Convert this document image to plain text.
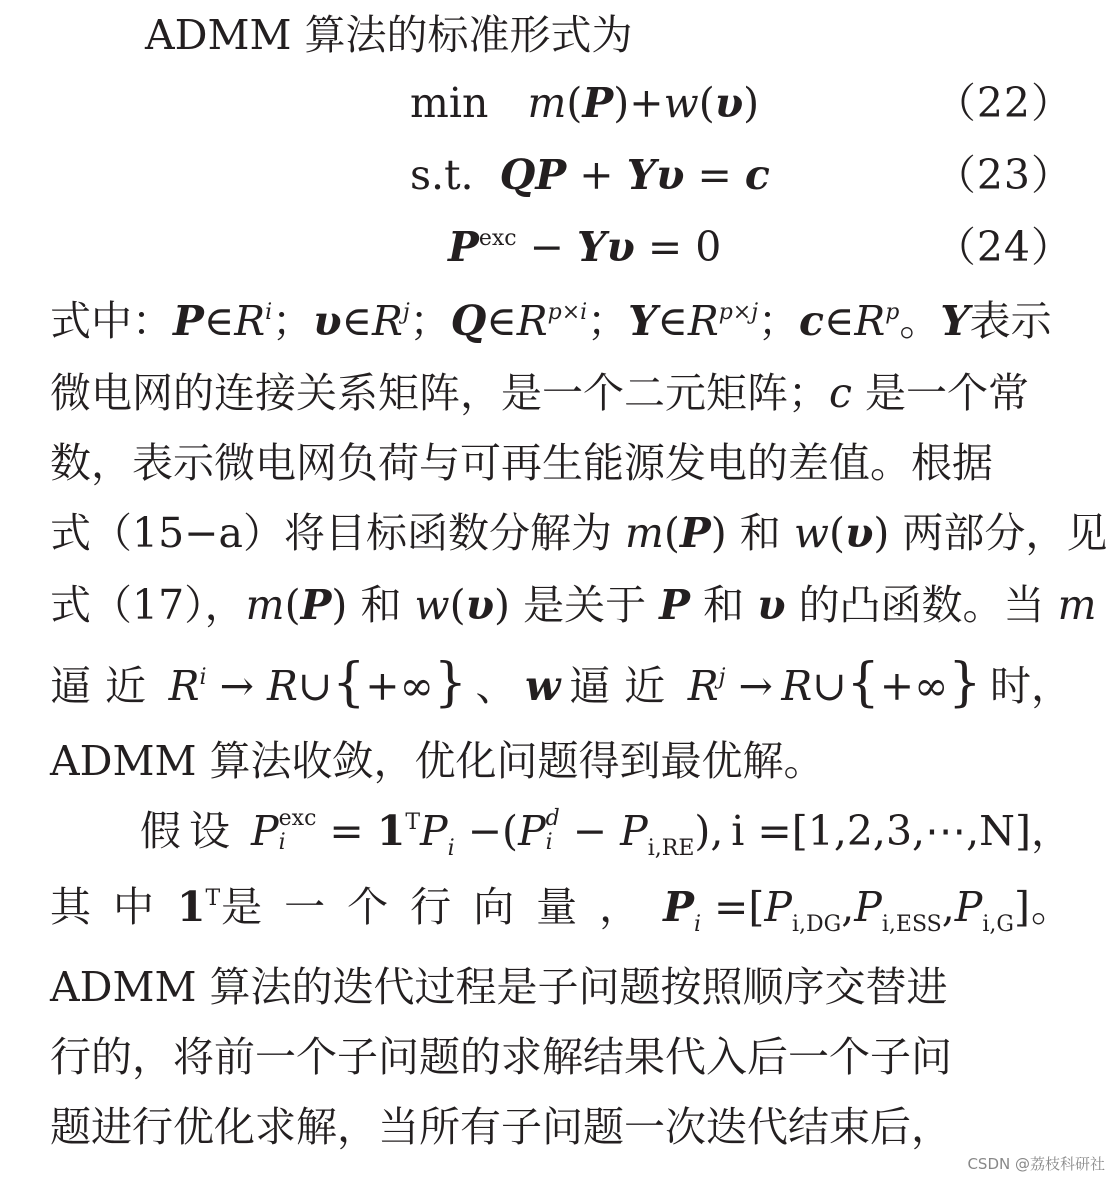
ADMM 算法的标准形式为
min m(P)+w(υ)	（22）
s.t. QP + Yυ = c	（23）
$P^{exc} - Y\upsilon = 0$	（24）
式中：$P\in R^i$；$\upsilon\in R^j$；$Q\in R^{p\times i}$；$Y\in R^{p\times j}$；$c\in R^p$。Y表示
微电网的连接关系矩阵，是一个二元矩阵；c 是一个常
数，表示微电网负荷与可再生能源发电的差值。根据
式（15−a）将目标函数分解为 m(P) 和 w(υ) 两部分，见
式（17），m(P) 和 w(υ) 是关于 P 和 υ 的凸函数。当 m
逼近 $R^i$ → R∪{+∞} 、 w 逼近 $R^j$ → R∪{+∞} 时，
ADMM 算法收敛，优化问题得到最优解。
假设 P exc
$i = 1^TP_i -(P$ d
$i - P_{i,RE}$), i =[1,2,3,⋯,N]，
其中 $1^T$ 是一个行向量， $P_i =[P_{i,DG},P_{i,ESS},P_{i,G}]$ 。
ADMM 算法的迭代过程是子问题按照顺序交替进
行的，将前一个子问题的求解结果代入后一个子问
题进行优化求解，当所有子问题一次迭代结束后，
CSDN @荔枝科研社
